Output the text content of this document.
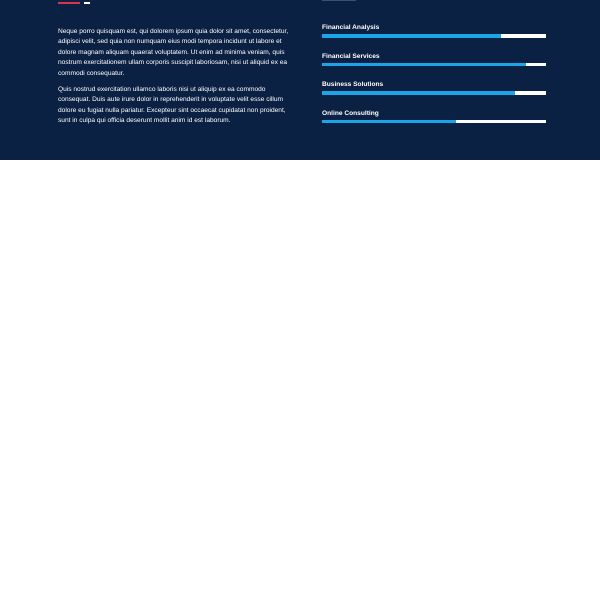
Neque porro quisquam est, qui dolorem ipsum quia dolor sit amet, consectetur, adipisci velit, sed quia non numquam eius modi tempora incidunt ut labore et dolore magnam aliquam quaerat voluptatem. Ut enim ad minima veniam, quis nostrum exercitationem ullam corporis suscipit laboriosam, nisi ut aliquid ex ea commodi consequatur.

Quis nostrud exercitation ullamco laboris nisi ut aliquip ex ea commodo consequat. Duis aute irure dolor in reprehenderit in voluptate velit esse cillum dolore eu fugiat nulla pariatur. Excepteur sint occaecat cupidatat non proident, sunt in culpa qui officia deserunt mollit anim id est laborum.

Financial Analysis
Financial Services
Business Solutions
Online Consulting
